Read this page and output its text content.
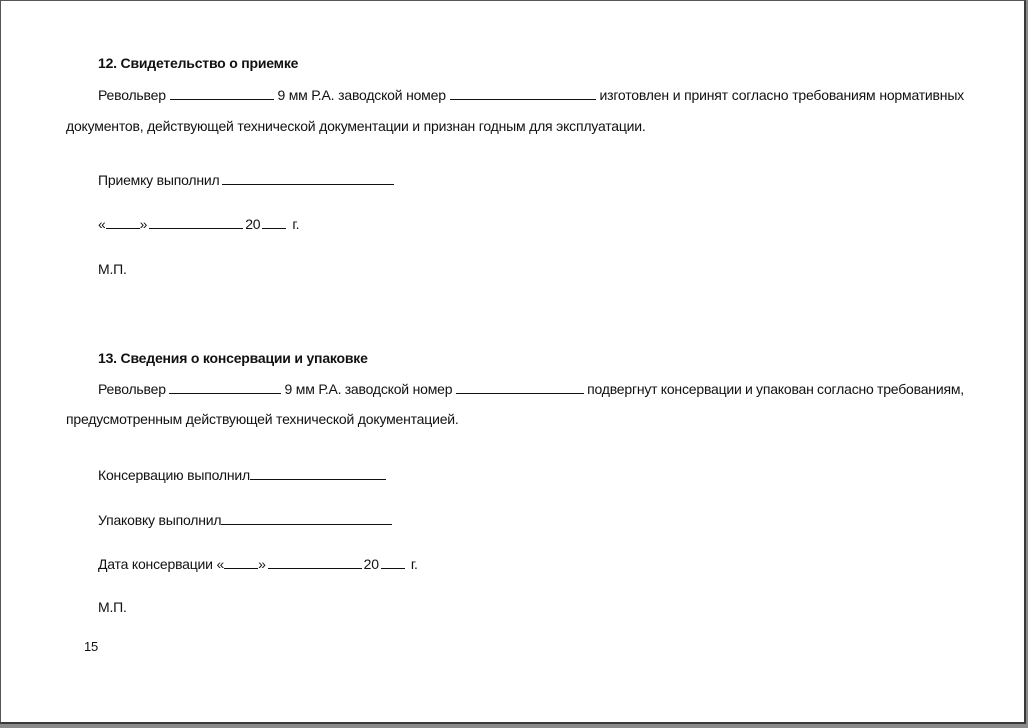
12. Свидетельство о приемке
Револьвер	9 мм Р.А. заводской номер	изготовлен и принят согласно требованиям нормативных
документов, действующей технической документации и признан годным для эксплуатации.
Приемку выполнил
« »	20 г.
М.П.
13. Сведения о консервации и упаковке
Револьвер	9 мм Р.А. заводской номер	подвергнут консервации и упакован согласно требованиям,
предусмотренным действующей технической документацией.
Консервацию выполнил
Упаковку выполнил
Дата консервации « »	20 г.
М.П.
15
